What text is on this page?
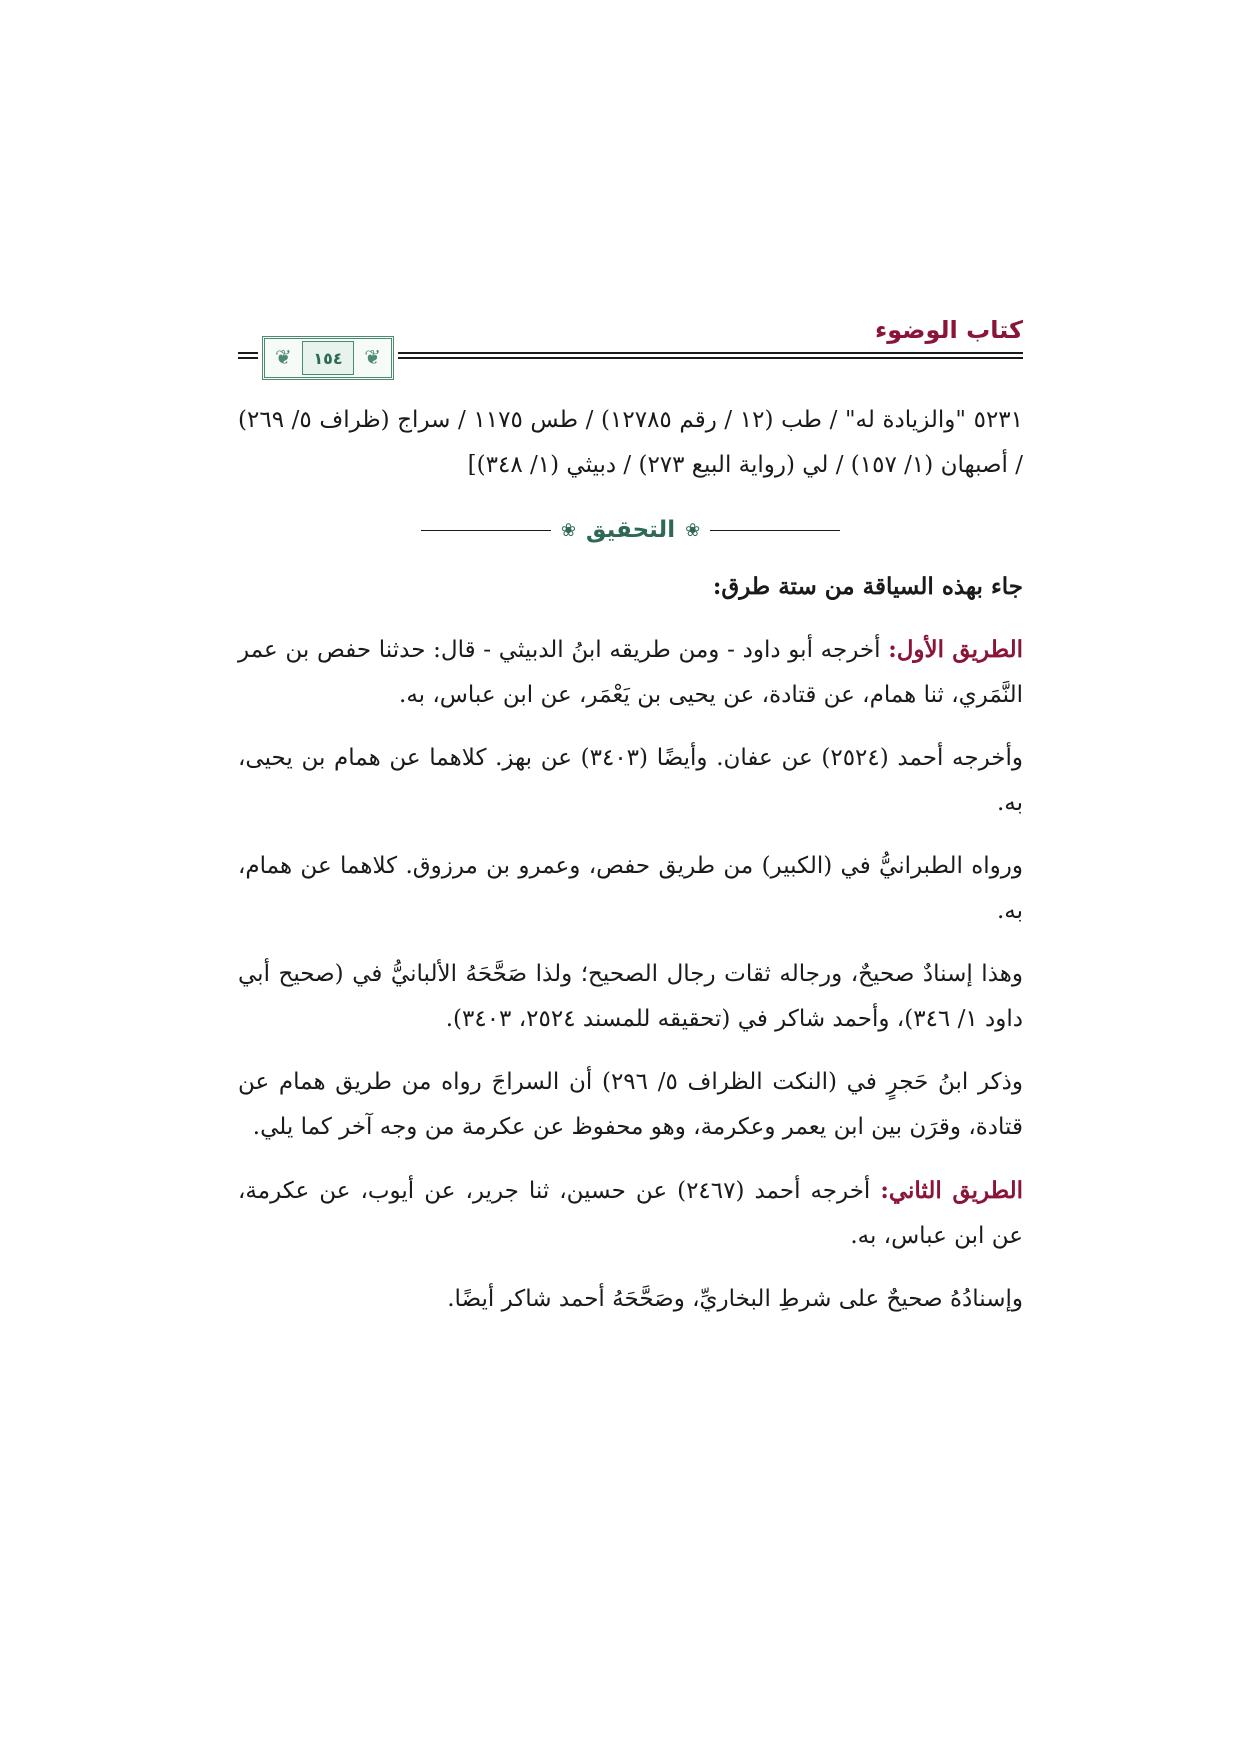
كتاب الوضوء
❦
١٥٤
❦

٥٢٣١ "والزيادة له" / طب (١٢ / رقم ١٢٧٨٥) / طس ١١٧٥ / سراج (ظراف ٥/ ٢٦٩) / أصبهان (١/ ١٥٧) / لي (رواية البيع ٢٧٣) / دبيثي (١/ ٣٤٨)]

❀
التحقيق
❀

جاء بهذه السياقة من ستة طرق:

الطريق الأول: أخرجه أبو داود - ومن طريقه ابنُ الدبيثي - قال: حدثنا حفص بن عمر النَّمَري، ثنا همام، عن قتادة، عن يحيى بن يَعْمَر، عن ابن عباس، به.

وأخرجه أحمد (٢٥٢٤) عن عفان. وأيضًا (٣٤٠٣) عن بهز. كلاهما عن همام بن يحيى، به.

ورواه الطبرانيُّ في (الكبير) من طريق حفص، وعمرو بن مرزوق. كلاهما عن همام، به.

وهذا إسنادٌ صحيحٌ، ورجاله ثقات رجال الصحيح؛ ولذا صَحَّحَهُ الألبانيُّ في (صحيح أبي داود ١/ ٣٤٦)، وأحمد شاكر في (تحقيقه للمسند ٢٥٢٤، ٣٤٠٣).

وذكر ابنُ حَجرٍ في (النكت الظراف ٥/ ٢٩٦) أن السراجَ رواه من طريق همام عن قتادة، وقرَن بين ابن يعمر وعكرمة، وهو محفوظ عن عكرمة من وجه آخر كما يلي.

الطريق الثاني: أخرجه أحمد (٢٤٦٧) عن حسين، ثنا جرير، عن أيوب، عن عكرمة، عن ابن عباس، به.

وإسنادُهُ صحيحٌ على شرطِ البخاريِّ، وصَحَّحَهُ أحمد شاكر أيضًا.
